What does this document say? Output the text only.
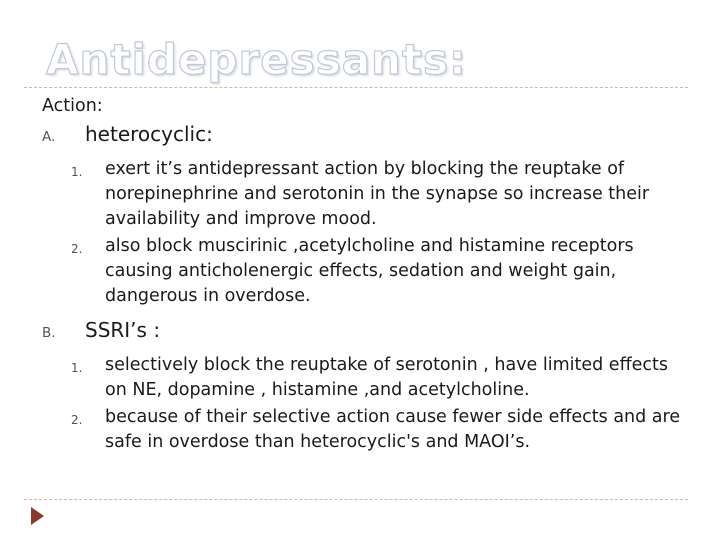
Antidepressants:
Action:
A. heterocyclic:
1. exert it’s antidepressant action by blocking the reuptake of norepinephrine and serotonin in the synapse so increase their availability and improve mood.
2. also block muscirinic ,acetylcholine and histamine receptors causing anticholenergic effects, sedation and weight gain, dangerous in overdose.
B. SSRI’s :
1. selectively block the reuptake of serotonin , have limited effects on NE, dopamine , histamine ,and acetylcholine.
2. because of their selective action cause fewer side effects and are safe in overdose than heterocyclic's and MAOI’s.
